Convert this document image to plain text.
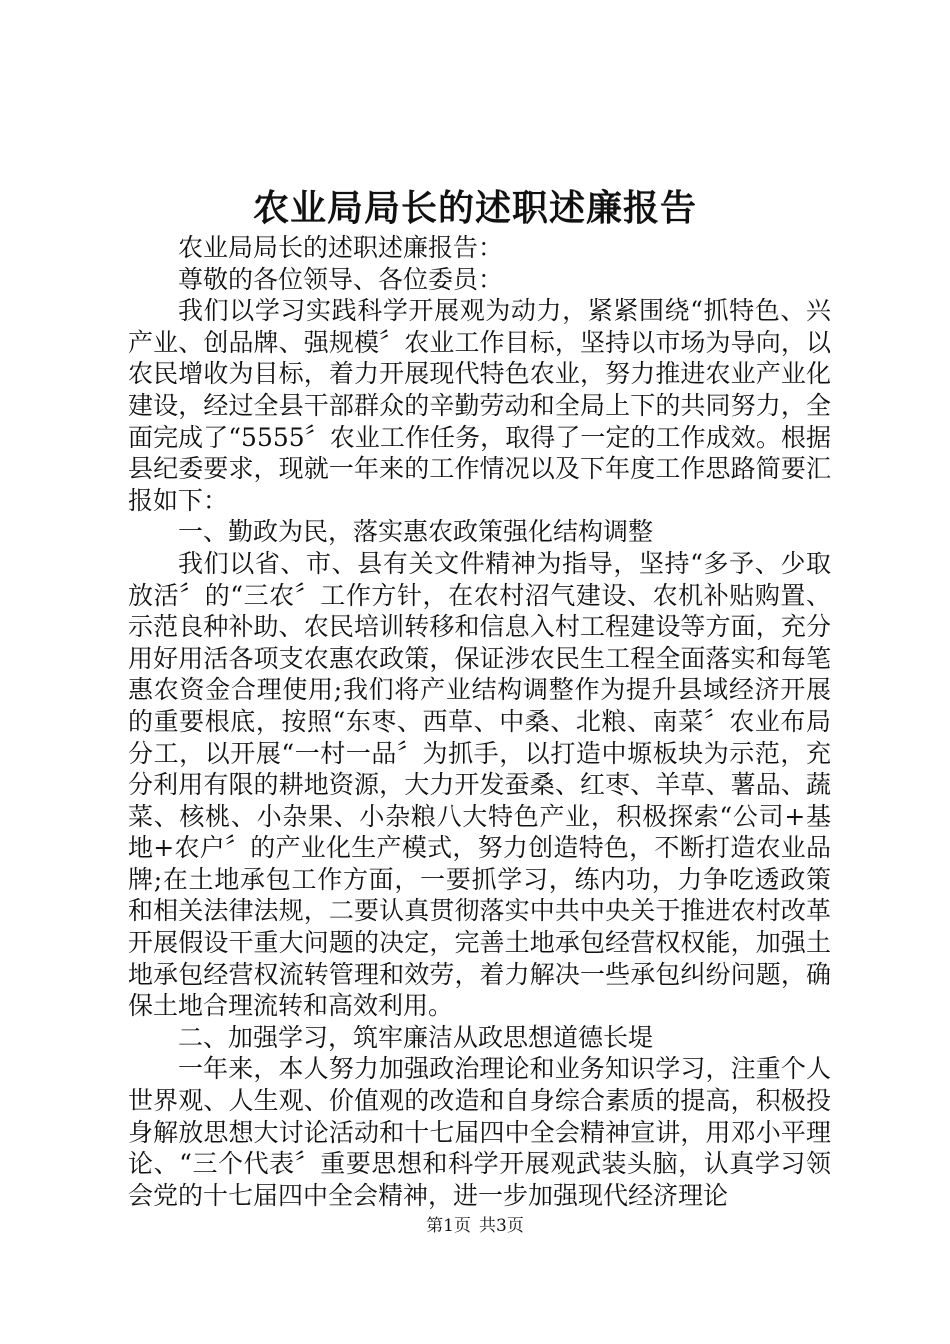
农业局局长的述职述廉报告

农业局局长的述职述廉报告：

尊敬的各位领导、各位委员：

我们以学习实践科学开展观为动力，紧紧围绕“抓特色、兴产业、创品牌、强规模〞农业工作目标，坚持以市场为导向，以农民增收为目标，着力开展现代特色农业，努力推进农业产业化建设，经过全县干部群众的辛勤劳动和全局上下的共同努力，全面完成了“5555〞农业工作任务，取得了一定的工作成效。根据县纪委要求，现就一年来的工作情况以及下年度工作思路简要汇报如下：

一、勤政为民，落实惠农政策强化结构调整

我们以省、市、县有关文件精神为指导，坚持“多予、少取放活〞的“三农〞工作方针，在农村沼气建设、农机补贴购置、示范良种补助、农民培训转移和信息入村工程建设等方面，充分用好用活各项支农惠农政策，保证涉农民生工程全面落实和每笔惠农资金合理使用;我们将产业结构调整作为提升县域经济开展的重要根底，按照“东枣、西草、中桑、北粮、南菜〞农业布局分工，以开展“一村一品〞为抓手，以打造中塬板块为示范，充分利用有限的耕地资源，大力开发蚕桑、红枣、羊草、薯品、蔬菜、核桃、小杂果、小杂粮八大特色产业，积极探索“公司+基地+农户〞的产业化生产模式，努力创造特色，不断打造农业品牌;在土地承包工作方面，一要抓学习，练内功，力争吃透政策和相关法律法规，二要认真贯彻落实中共中央关于推进农村改革开展假设干重大问题的决定，完善土地承包经营权权能，加强土地承包经营权流转管理和效劳，着力解决一些承包纠纷问题，确保土地合理流转和高效利用。

二、加强学习，筑牢廉洁从政思想道德长堤

一年来，本人努力加强政治理论和业务知识学习，注重个人世界观、人生观、价值观的改造和自身综合素质的提高，积极投身解放思想大讨论活动和十七届四中全会精神宣讲，用邓小平理论、“三个代表〞重要思想和科学开展观武装头脑，认真学习领会党的十七届四中全会精神，进一步加强现代经济理论

第1页 共3页
